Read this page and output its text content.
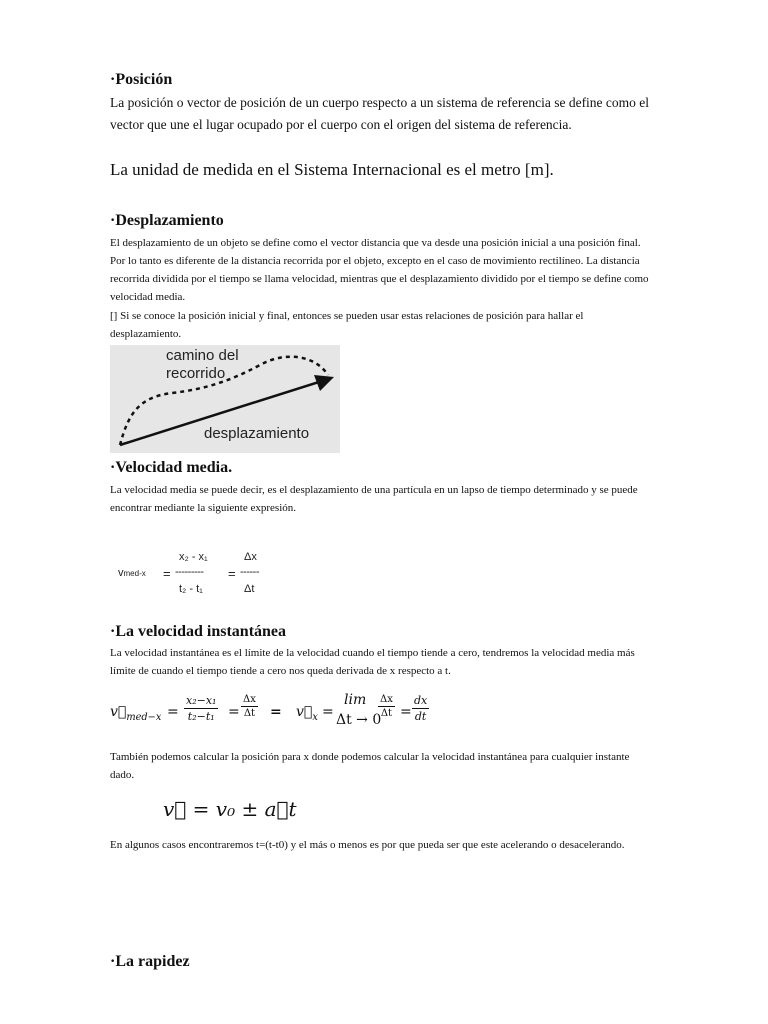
·Posición
La posición o vector de posición de un cuerpo respecto a un sistema de referencia se define como el vector que une el lugar ocupado por el cuerpo con el origen del sistema de referencia.
La unidad de medida en el Sistema Internacional es el metro [m].
·Desplazamiento
El desplazamiento de un objeto se define como el vector distancia que va desde una posición inicial a una posición final. Por lo tanto es diferente de la distancia recorrida por el objeto, excepto en el caso de movimiento rectilíneo. La distancia recorrida dividida por el tiempo se llama velocidad, mientras que el desplazamiento dividido por el tiempo se define como velocidad media.
[] Si se conoce la posición inicial y final, entonces se pueden usar estas relaciones de posición para hallar el desplazamiento.
camino del
recorrido
desplazamiento
·Velocidad media.
La velocidad media se puede decir, es el desplazamiento de una partícula en un lapso de tiempo determinado y se puede encontrar mediante la siguiente expresión.
vmed-x =
x₂ - x₁
---------
t₂ - t₁
=
Δx
------
Δt
·La velocidad instantánea
La velocidad instantánea es el límite de la velocidad cuando el tiempo tiende a cero, tendremos la velocidad media más límite de cuando el tiempo tiende a cero nos queda derivada de x respecto a t.
$v⃗_{med-x} = \frac{\text{x₂−x₁}}{\text{t₂−t₁}} = \frac{\Delta x}{\Delta t}$ = $v⃗_x$ =
lim
Δt → 0
$\frac{\Delta x}{\Delta t} = \frac{dx}{dt}$
También podemos calcular la posición para x donde podemos calcular la velocidad instantánea para cualquier instante dado.
v⃗ = v₀ ± a⃗t
En algunos casos encontraremos t=(t-t0) y el más o menos es por que pueda ser que este acelerando o desacelerando.
·La rapidez
